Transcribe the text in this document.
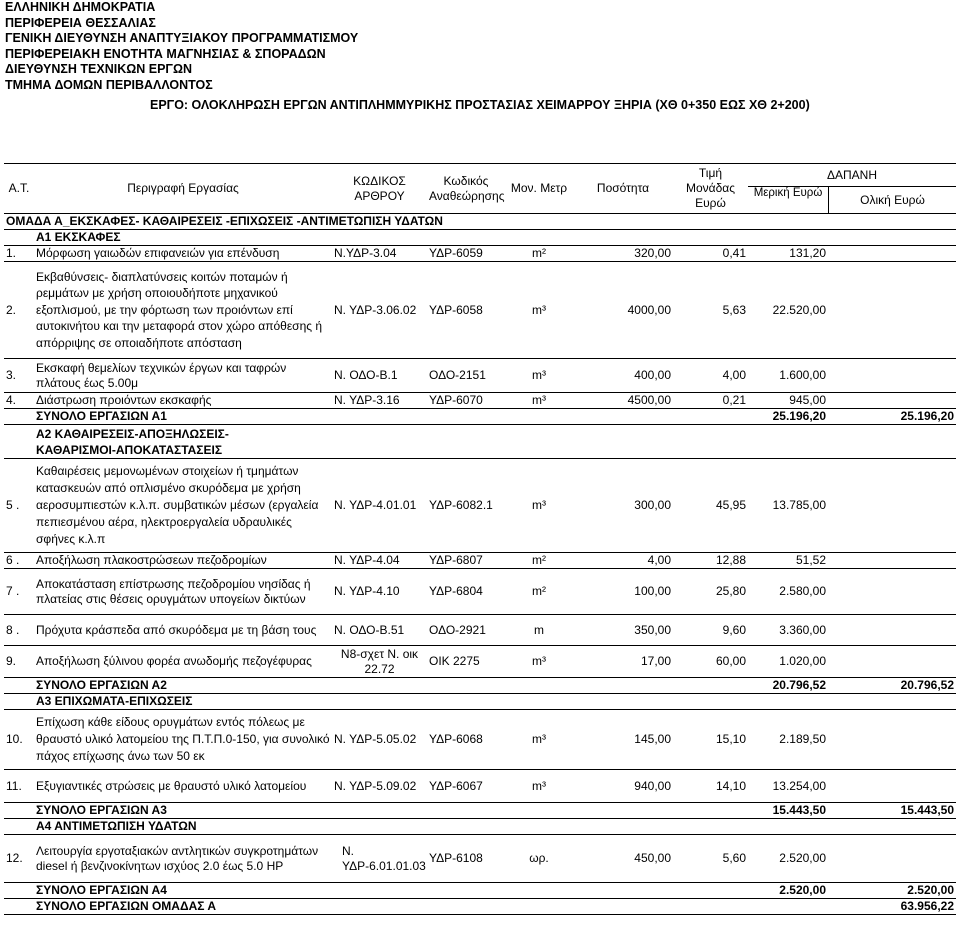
ΕΛΛΗΝΙΚΗ ΔΗΜΟΚΡΑΤΙΑ
ΠΕΡΙΦΕΡΕΙΑ ΘΕΣΣΑΛΙΑΣ
ΓΕΝΙΚΗ ΔΙΕΥΘΥΝΣΗ ΑΝΑΠΤΥΞΙΑΚΟΥ ΠΡΟΓΡΑΜΜΑΤΙΣΜΟΥ
ΠΕΡΙΦΕΡΕΙΑΚΗ ΕΝΟΤΗΤΑ ΜΑΓΝΗΣΙΑΣ & ΣΠΟΡΑΔΩΝ
ΔΙΕΥΘΥΝΣΗ ΤΕΧΝΙΚΩΝ ΕΡΓΩΝ
ΤΜΗΜΑ ΔΟΜΩΝ ΠΕΡΙΒΑΛΛΟΝΤΟΣ
ΕΡΓΟ: ΟΛΟΚΛΗΡΩΣΗ ΕΡΓΩΝ ΑΝΤΙΠΛΗΜΜΥΡΙΚΗΣ ΠΡΟΣΤΑΣΙΑΣ ΧΕΙΜΑΡΡΟΥ ΞΗΡΙΑ (ΧΘ 0+350 ΕΩΣ ΧΘ 2+200)
Α.Τ.	Περιγραφή Εργασίας	ΚΩΔΙΚΟΣ ΑΡΘΡΟΥ	Κωδικός Αναθεώρησης	Μον. Μετρ	Ποσότητα	Τιμή Μονάδας Ευρώ	ΔΑΠΑΝΗ
Μερική Ευρώ Ολική Ευρώ	

ΟΜΑΔΑ Α_ΕΚΣΚΑΦΕΣ- ΚΑΘΑΙΡΕΣΕΙΣ -ΕΠΙΧΩΣΕΙΣ -ΑΝΤΙΜΕΤΩΠΙΣΗ ΥΔΑΤΩΝ								
	Α1 ΕΚΣΚΑΦΕΣ							
1.	Μόρφωση γαιωδών επιφανειών για επένδυση	Ν.ΥΔΡ-3.04	ΥΔΡ-6059	m²	320,00	0,41	131,20	
2.	Εκβαθύνσεις- διαπλατύνσεις κοιτών ποταμών ή ρεμμάτων με χρήση οποιουδήποτε μηχανικού εξοπλισμού, με την φόρτωση των προιόντων επί αυτοκινήτου και την μεταφορά στον χώρο απόθεσης ή απόρριψης σε οποιαδήποτε απόσταση	Ν. ΥΔΡ-3.06.02	ΥΔΡ-6058	m³	4000,00	5,63	22.520,00	
3.	Εκσκαφή θεμελίων τεχνικών έργων και ταφρών πλάτους έως 5.00μ	Ν. ΟΔΟ-Β.1	ΟΔΟ-2151	m³	400,00	4,00	1.600,00	
4.	Διάστρωση προιόντων εκσκαφής	Ν. ΥΔΡ-3.16	ΥΔΡ-6070	m³	4500,00	0,21	945,00	
	ΣΥΝΟΛΟ ΕΡΓΑΣΙΩΝ Α1						25.196,20	25.196,20
	Α2 ΚΑΘΑΙΡΕΣΕΙΣ-ΑΠΟΞΗΛΩΣΕΙΣ-ΚΑΘΑΡΙΣΜΟΙ-ΑΠΟΚΑΤΑΣΤΑΣΕΙΣ							
5 .	Καθαιρέσεις μεμονωμένων στοιχείων ή τμημάτων κατασκευών από οπλισμένο σκυρόδεμα με χρήση αεροσυμπιεστών κ.λ.π. συμβατικών μέσων (εργαλεία πεπιεσμένου αέρα, ηλεκτροεργαλεία υδραυλικές σφήνες κ.λ.π	Ν. ΥΔΡ-4.01.01	ΥΔΡ-6082.1	m³	300,00	45,95	13.785,00	
6 .	Αποξήλωση πλακοστρώσεων πεζοδρομίων	Ν. ΥΔΡ-4.04	ΥΔΡ-6807	m²	4,00	12,88	51,52	
7 .	Αποκατάσταση επίστρωσης πεζοδρομίου νησίδας ή πλατείας στις θέσεις ορυγμάτων υπογείων δικτύων	Ν. ΥΔΡ-4.10	ΥΔΡ-6804	m²	100,00	25,80	2.580,00	
8 .	Πρόχυτα κράσπεδα από σκυρόδεμα με τη βάση τους	Ν. ΟΔΟ-Β.51	ΟΔΟ-2921	m	350,00	9,60	3.360,00	
9.	Αποξήλωση ξύλινου φορέα ανωδομής πεζογέφυρας	Ν8-σχετ Ν. οικ 22.72	ΟΙΚ 2275	m³	17,00	60,00	1.020,00	
	ΣΥΝΟΛΟ ΕΡΓΑΣΙΩΝ Α2						20.796,52	20.796,52
	Α3 ΕΠΙΧΩΜΑΤΑ-ΕΠΙΧΩΣΕΙΣ							
10.	Επίχωση κάθε είδους ορυγμάτων εντός πόλεως με θραυστό υλικό λατομείου της Π.Τ.Π.0-150, για συνολικό πάχος επίχωσης άνω των 50 εκ	Ν. ΥΔΡ-5.05.02	ΥΔΡ-6068	m³	145,00	15,10	2.189,50	
11.	Εξυγιαντικές στρώσεις με θραυστό υλικό λατομείου	Ν. ΥΔΡ-5.09.02	ΥΔΡ-6067	m³	940,00	14,10	13.254,00	
	ΣΥΝΟΛΟ ΕΡΓΑΣΙΩΝ Α3						15.443,50	15.443,50
	Α4 ΑΝΤΙΜΕΤΩΠΙΣΗ ΥΔΑΤΩΝ							
12.	Λειτουργία εργοταξιακών αντλητικών συγκροτημάτων diesel ή βενζινοκίνητων ισχύος 2.0 έως 5.0 HP	Ν. ΥΔΡ-6.01.01.03	ΥΔΡ-6108	ωρ.	450,00	5,60	2.520,00	
	ΣΥΝΟΛΟ ΕΡΓΑΣΙΩΝ Α4						2.520,00	2.520,00
	ΣΥΝΟΛΟ ΕΡΓΑΣΙΩΝ ΟΜΑΔΑΣ Α							63.956,22
